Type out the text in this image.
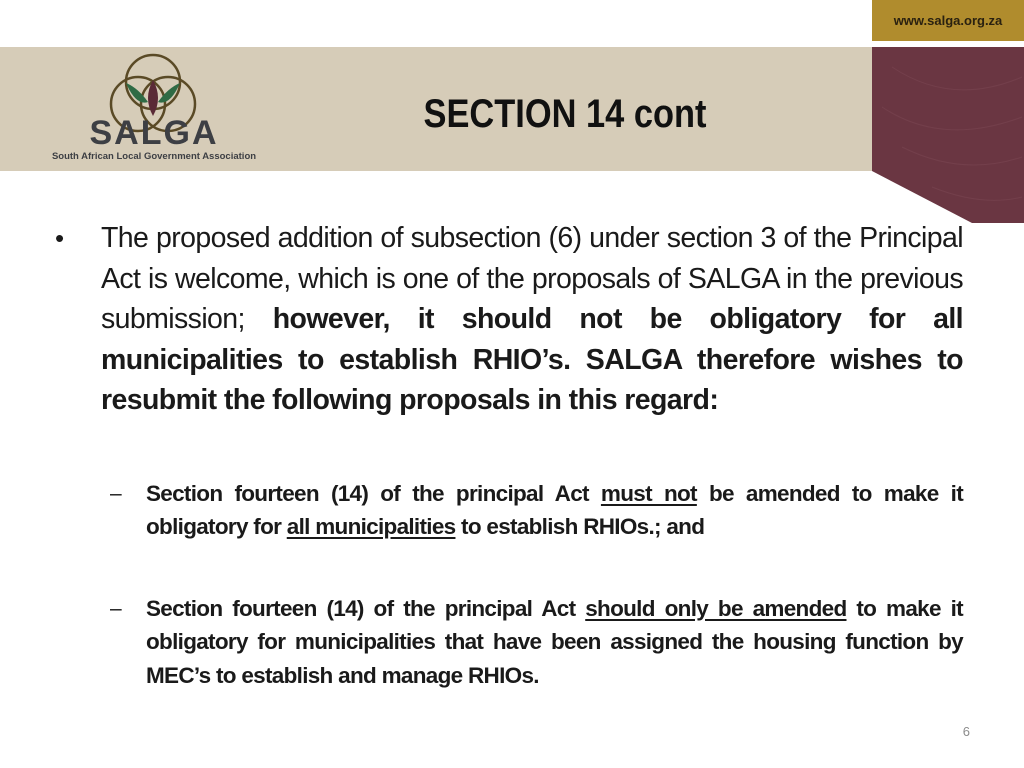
www.salga.org.za
SALGA
South African Local Government Association
SECTION 14 cont
•	The proposed addition of subsection (6) under section 3 of the Principal Act is welcome, which is one of the proposals of SALGA in the previous submission; however, it should not be obligatory for all municipalities to establish RHIO’s. SALGA therefore wishes to resubmit the following proposals in this regard:
–	Section fourteen (14) of the principal Act must not be amended to make it obligatory for all municipalities to establish RHIOs.; and
–	Section fourteen (14) of the principal Act should only be amended to make it obligatory for municipalities that have been assigned the housing function by MEC’s to establish and manage RHIOs.
6
